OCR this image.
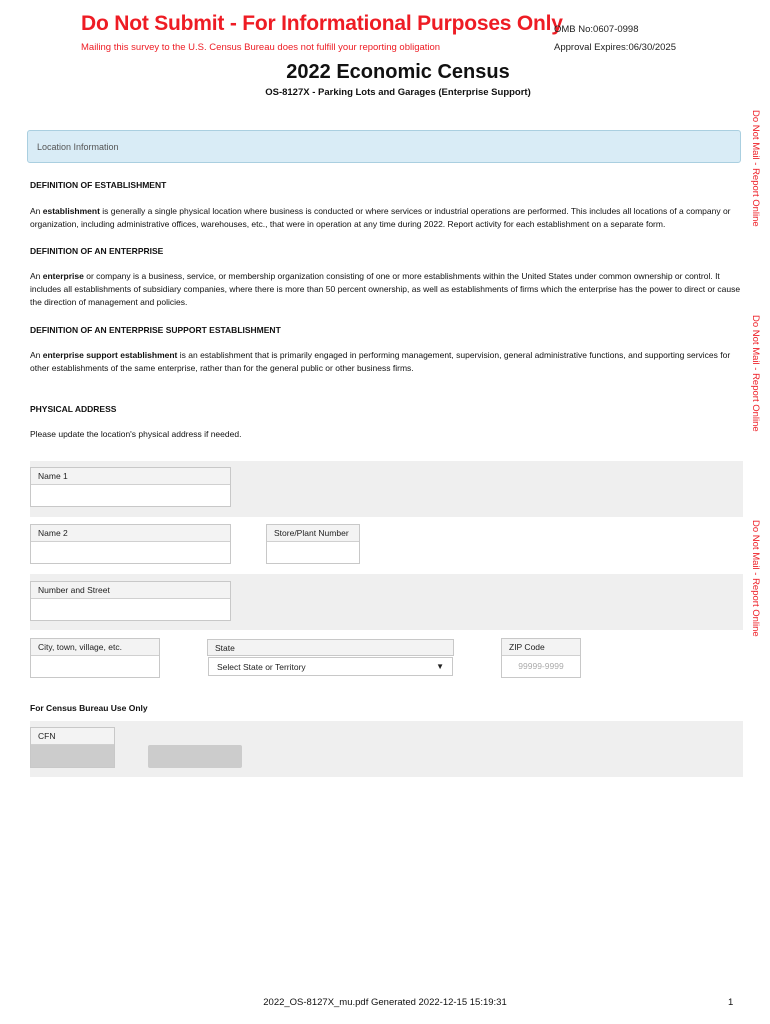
Do Not Submit - For Informational Purposes Only
Mailing this survey to the U.S. Census Bureau does not fulfill your reporting obligation
OMB No:0607-0998
Approval Expires:06/30/2025
2022 Economic Census
OS-8127X - Parking Lots and Garages (Enterprise Support)
Do Not Mail - Report Online
Do Not Mail - Report Online
Do Not Mail - Report Online
Location Information
DEFINITION OF ESTABLISHMENT
An establishment is generally a single physical location where business is conducted or where services or industrial operations are performed. This includes all locations of a company or organization, including administrative offices, warehouses, etc., that were in operation at any time during 2022. Report activity for each establishment on a separate form.
DEFINITION OF AN ENTERPRISE
An enterprise or company is a business, service, or membership organization consisting of one or more establishments within the United States under common ownership or control. It includes all establishments of subsidiary companies, where there is more than 50 percent ownership, as well as establishments of firms which the enterprise has the power to direct or cause the direction of management and policies.
DEFINITION OF AN ENTERPRISE SUPPORT ESTABLISHMENT
An enterprise support establishment is an establishment that is primarily engaged in performing management, supervision, general administrative functions, and supporting services for other establishments of the same enterprise, rather than for the general public or other business firms.
PHYSICAL ADDRESS
Please update the location's physical address if needed.
Name 1
Name 2	Store/Plant Number
Number and Street
City, town, village, etc.	State
Select State or Territory	▼
ZIP Code
99999-9999
For Census Bureau Use Only
CFN
2022_OS-8127X_mu.pdf Generated 2022-12-15 15:19:31	1
